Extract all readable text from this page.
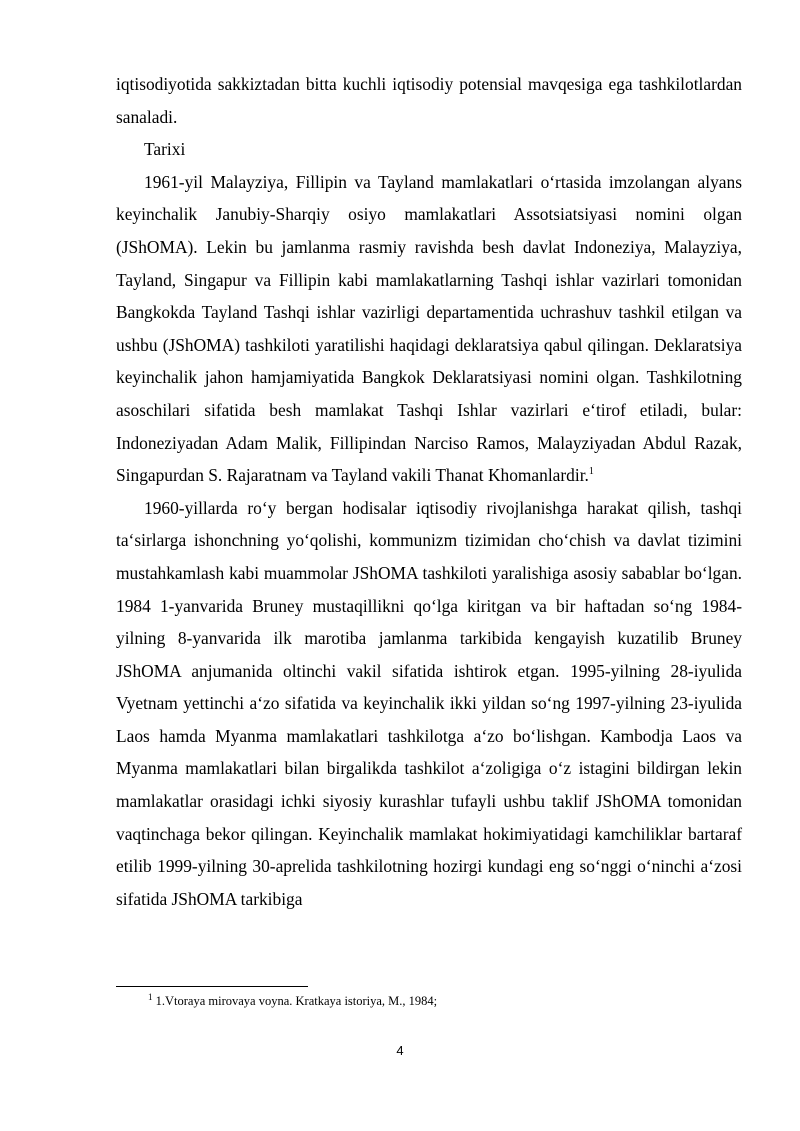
iqtisodiyotida sakkiztadan bitta kuchli iqtisodiy potensial mavqesiga ega tashkilotlardan sanaladi.

Tarixi

1961-yil Malayziya, Fillipin va Tayland mamlakatlari o‘rtasida imzolangan alyans keyinchalik Janubiy-Sharqiy osiyo mamlakatlari Assotsiatsiyasi nomini olgan (JShOMA). Lekin bu jamlanma rasmiy ravishda besh davlat Indoneziya, Malayziya, Tayland, Singapur va Fillipin kabi mamlakatlarning Tashqi ishlar vazirlari tomonidan Bangkokda Tayland Tashqi ishlar vazirligi departamentida uchrashuv tashkil etilgan va ushbu (JShOMA) tashkiloti yaratilishi haqidagi deklaratsiya qabul qilingan. Deklaratsiya keyinchalik jahon hamjamiyatida Bangkok Deklaratsiyasi nomini olgan. Tashkilotning asoschilari sifatida besh mamlakat Tashqi Ishlar vazirlari e‘tirof etiladi, bular: Indoneziyadan Adam Malik, Fillipindan Narciso Ramos, Malayziyadan Abdul Razak, Singapurdan S. Rajaratnam va Tayland vakili Thanat Khomanlardir.$^1$

1960-yillarda ro‘y bergan hodisalar iqtisodiy rivojlanishga harakat qilish, tashqi ta‘sirlarga ishonchning yo‘qolishi, kommunizm tizimidan cho‘chish va davlat tizimini mustahkamlash kabi muammolar JShOMA tashkiloti yaralishiga asosiy sabablar bo‘lgan. 1984 1-yanvarida Bruney mustaqillikni qo‘lga kiritgan va bir haftadan so‘ng 1984-yilning 8-yanvarida ilk marotiba jamlanma tarkibida kengayish kuzatilib Bruney JShOMA anjumanida oltinchi vakil sifatida ishtirok etgan. 1995-yilning 28-iyulida Vyetnam yettinchi a‘zo sifatida va keyinchalik ikki yildan so‘ng 1997-yilning 23-iyulida Laos hamda Myanma mamlakatlari tashkilotga a‘zo bo‘lishgan. Kambodja Laos va Myanma mamlakatlari bilan birgalikda tashkilot a‘zoligiga o‘z istagini bildirgan lekin mamlakatlar orasidagi ichki siyosiy kurashlar tufayli ushbu taklif JShOMA tomonidan vaqtinchaga bekor qilingan. Keyinchalik mamlakat hokimiyatidagi kamchiliklar bartaraf etilib 1999-yilning 30-aprelida tashkilotning hozirgi kundagi eng so‘nggi o‘ninchi a‘zosi sifatida JShOMA tarkibiga

$^1$ 1.Vtoraya mirovaya voyna. Kratkaya istoriya, M., 1984;
4
